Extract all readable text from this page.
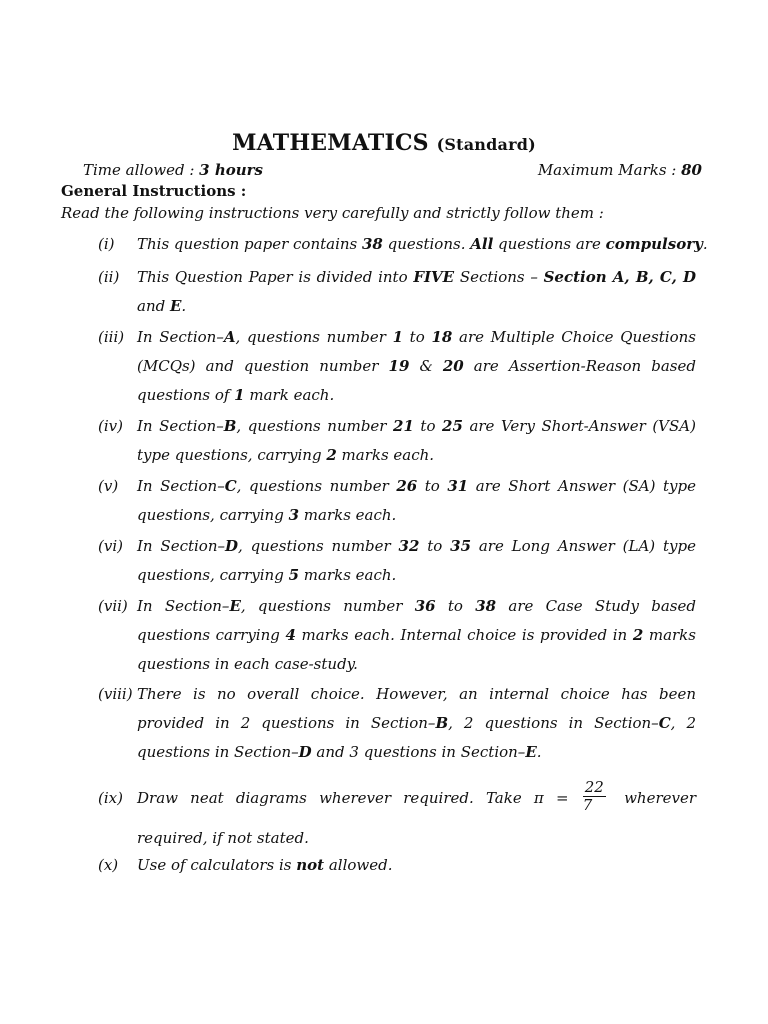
MATHEMATICS (Standard)
Time allowed : 3 hours	Maximum Marks : 80
General Instructions :
Read the following instructions very carefully and strictly follow them :
(i) This question paper contains 38 questions. All questions are compulsory.
(ii) This Question Paper is divided into FIVE Sections – Section A, B, C, D and E.
(iii) In Section–A, questions number 1 to 18 are Multiple Choice Questions (MCQs) and question number 19 & 20 are Assertion-Reason based questions of 1 mark each.
(iv) In Section–B, questions number 21 to 25 are Very Short-Answer (VSA) type questions, carrying 2 marks each.
(v) In Section–C, questions number 26 to 31 are Short Answer (SA) type questions, carrying 3 marks each.
(vi) In Section–D, questions number 32 to 35 are Long Answer (LA) type questions, carrying 5 marks each.
(vii) In Section–E, questions number 36 to 38 are Case Study based questions carrying 4 marks each. Internal choice is provided in 2 marks questions in each case-study.
(viii) There is no overall choice. However, an internal choice has been provided in 2 questions in Section–B, 2 questions in Section–C, 2 questions in Section–D and 3 questions in Section–E.
(ix) Draw neat diagrams wherever required. Take $\pi = \frac{22}{7}$ wherever required, if not stated.
(x) Use of calculators is not allowed.
